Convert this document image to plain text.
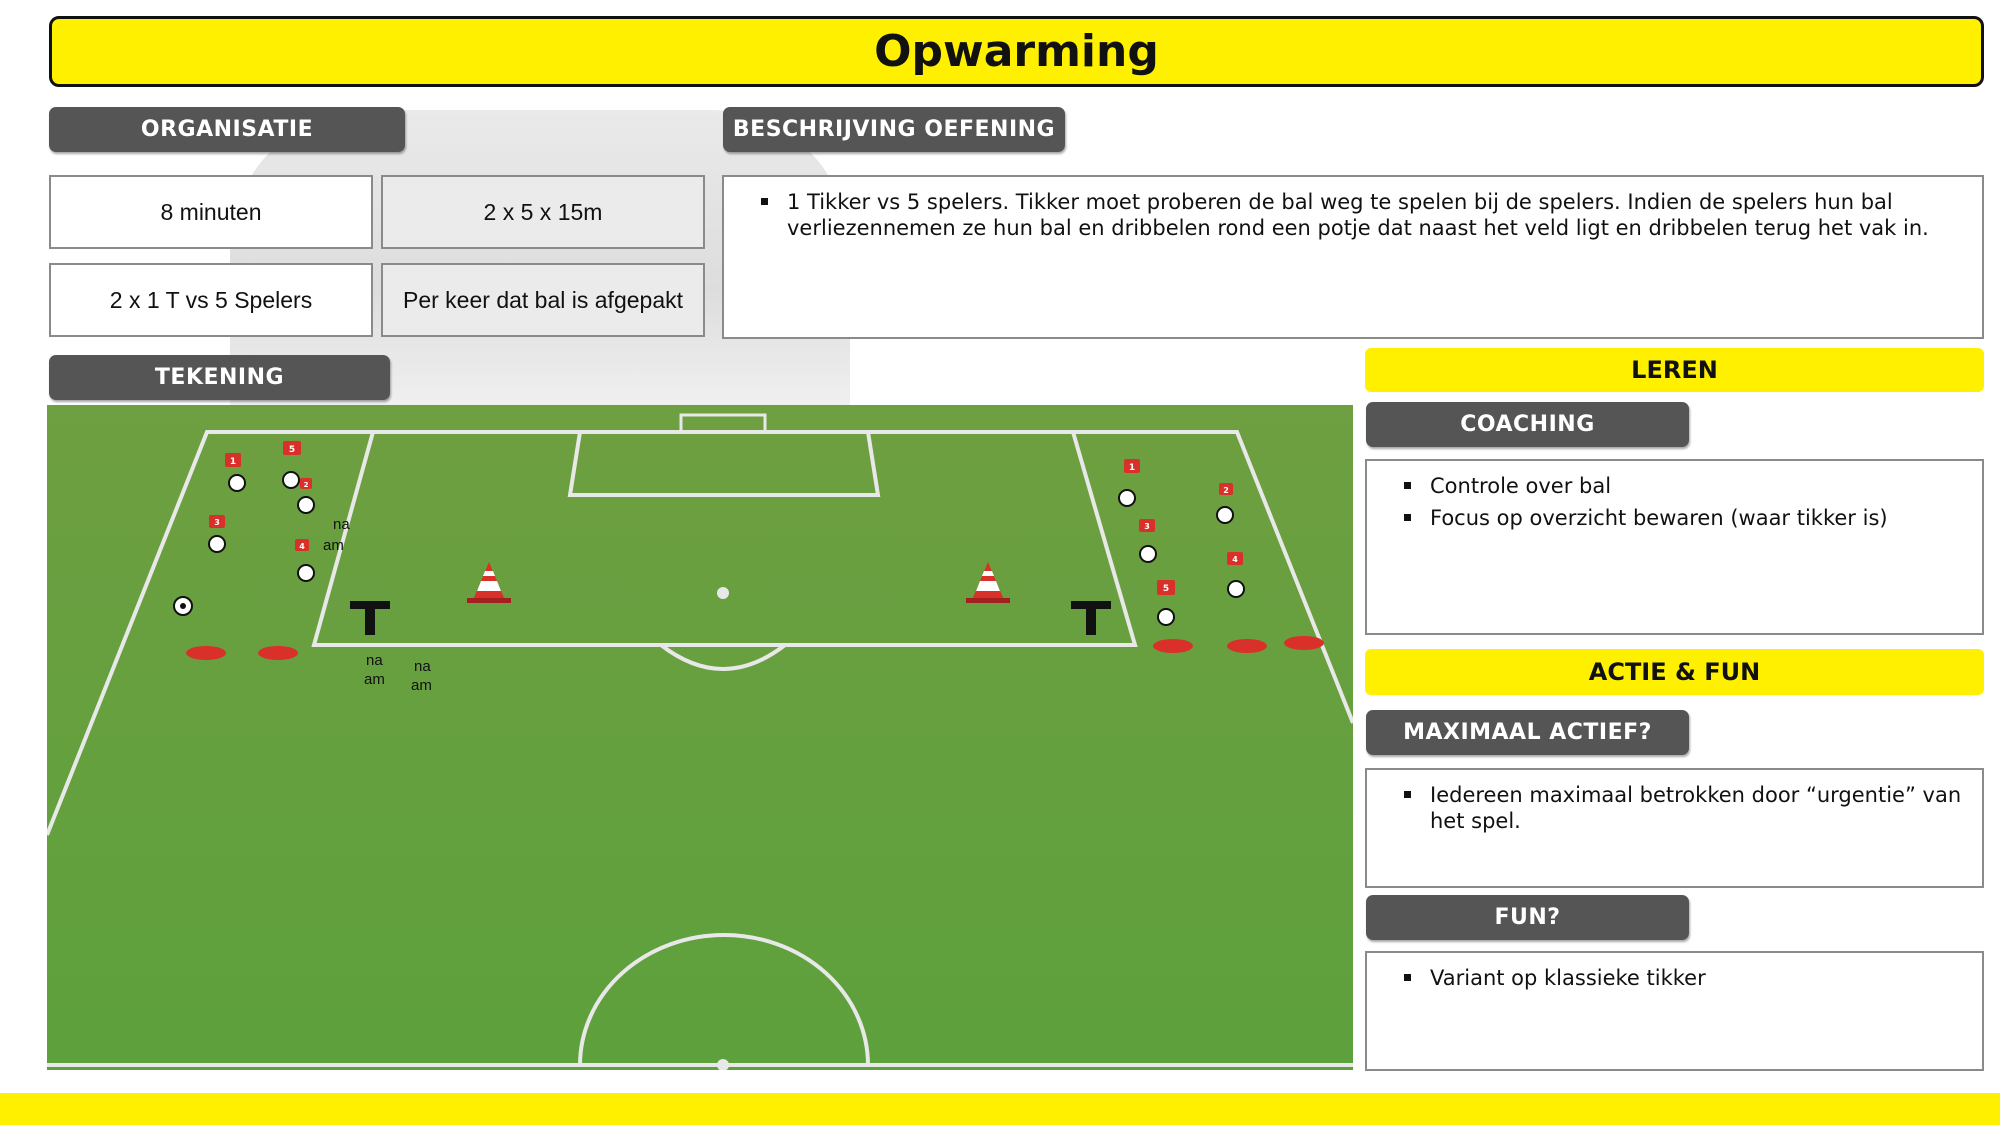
Opwarming
ORGANISATIE
8 minuten	2 x 5 x 15m
2 x 1 T vs 5 Spelers	Per keer dat bal is afgepakt
BESCHRIJVING OEFENING
1 Tikker vs 5 spelers. Tikker moet proberen de bal weg te spelen bij de spelers. Indien de spelers hun bal verliezennemen ze hun bal en dribbelen rond een potje dat naast het veld ligt en dribbelen terug het vak in.
TEKENING
1
5
2
3
4
1
2
3
4
5
na
am
na
am
na
am
LEREN
COACHING
Controle over bal
Focus op overzicht bewaren (waar tikker is)
ACTIE & FUN
MAXIMAAL ACTIEF?
Iedereen maximaal betrokken door “urgentie” van het spel.
FUN?
Variant op klassieke tikker
